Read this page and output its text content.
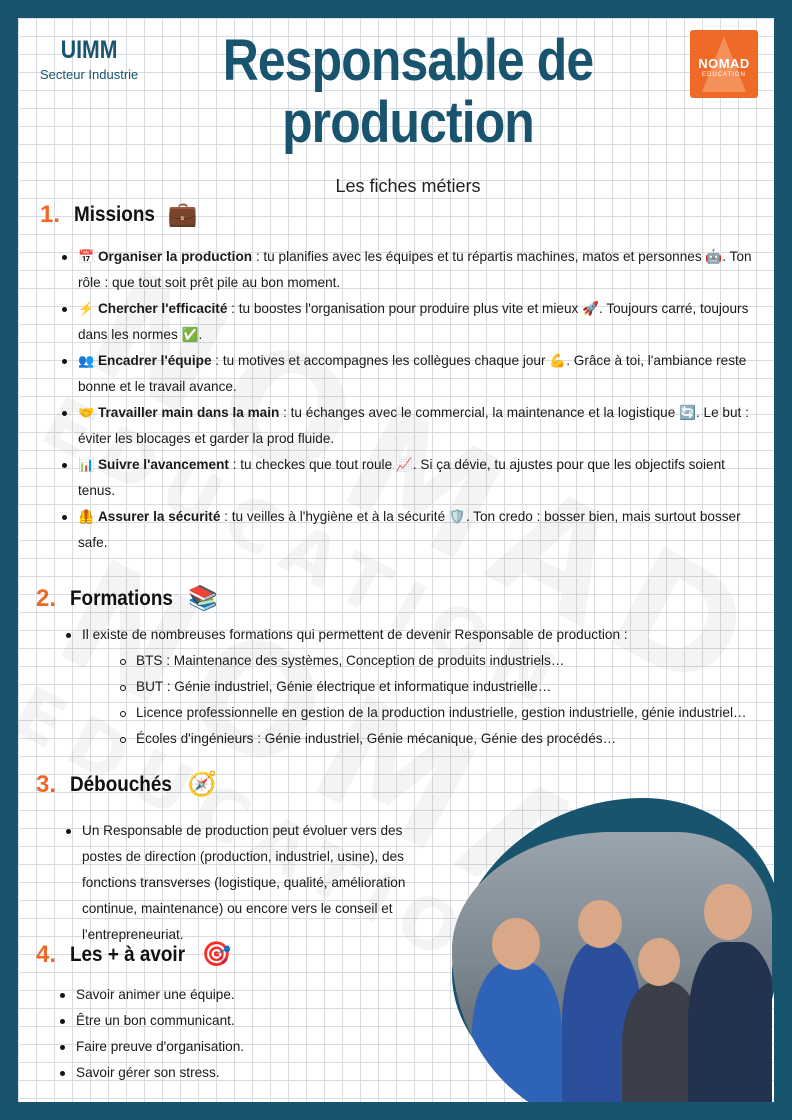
UIMM
Secteur Industrie
NOMAD
EDUCATION
Responsable de
production
Les fiches métiers
1. Missions 💼
📅 Organiser la production : tu planifies avec les équipes et tu répartis machines, matos et personnes 🤖. Ton rôle : que tout soit prêt pile au bon moment.
⚡ Chercher l'efficacité : tu boostes l'organisation pour produire plus vite et mieux 🚀. Toujours carré, toujours dans les normes ✅.
👥 Encadrer l'équipe : tu motives et accompagnes les collègues chaque jour 💪. Grâce à toi, l'ambiance reste bonne et le travail avance.
🤝 Travailler main dans la main : tu échanges avec le commercial, la maintenance et la logistique 🔄. Le but : éviter les blocages et garder la prod fluide.
📊 Suivre l'avancement : tu checkes que tout roule 📈. Si ça dévie, tu ajustes pour que les objectifs soient tenus.
🦺 Assurer la sécurité : tu veilles à l'hygiène et à la sécurité 🛡️. Ton credo : bosser bien, mais surtout bosser safe.
2. Formations 📚
Il existe de nombreuses formations qui permettent de devenir Responsable de production :
BTS : Maintenance des systèmes, Conception de produits industriels…
BUT : Génie industriel, Génie électrique et informatique industrielle…
Licence professionnelle en gestion de la production industrielle, gestion industrielle, génie industriel…
Écoles d'ingénieurs : Génie industriel, Génie mécanique, Génie des procédés…
3. Débouchés 🧭
Un Responsable de production peut évoluer vers des postes de direction (production, industriel, usine), des fonctions transverses (logistique, qualité, amélioration continue, maintenance) ou encore vers le conseil et l'entrepreneuriat.
4. Les + à avoir 🎯
Savoir animer une équipe.
Être un bon communicant.
Faire preuve d'organisation.
Savoir gérer son stress.
